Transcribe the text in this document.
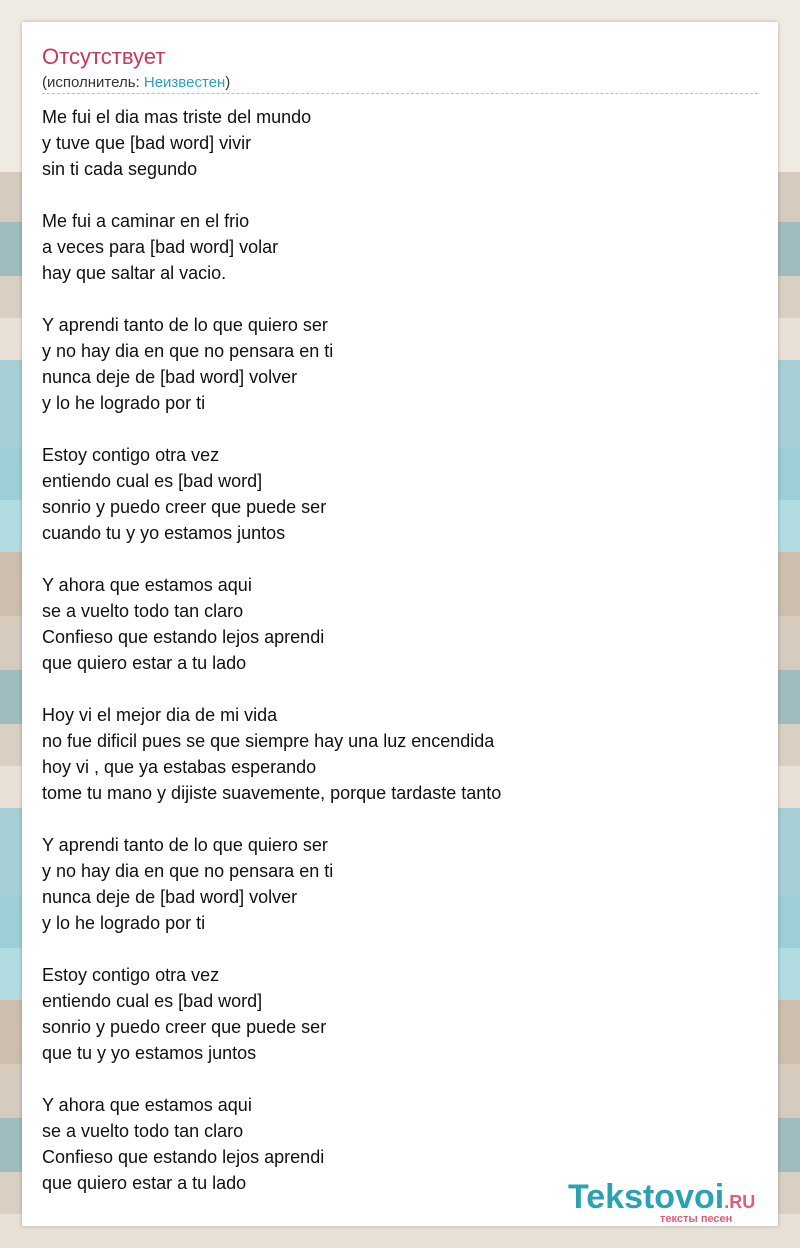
Отсутствует
(исполнитель: Неизвестен)
Me fui el dia mas triste del mundo
y tuve que [bad word] vivir
sin ti cada segundo
Me fui a caminar en el frio
a veces para [bad word] volar
hay que saltar al vacio.
Y aprendi tanto de lo que quiero ser
y no hay dia en que no pensara en ti
nunca deje de [bad word] volver
y lo he logrado por ti
Estoy contigo otra vez
entiendo cual es [bad word]
sonrio y puedo creer que puede ser
cuando tu y yo estamos juntos
Y ahora que estamos aqui
se a vuelto todo tan claro
Confieso que estando lejos aprendi
que quiero estar a tu lado
Hoy vi el mejor dia de mi vida
no fue dificil pues se que siempre hay una luz encendida
hoy vi , que ya estabas esperando
tome tu mano y dijiste suavemente, porque tardaste tanto
Y aprendi tanto de lo que quiero ser
y no hay dia en que no pensara en ti
nunca deje de [bad word] volver
y lo he logrado por ti
Estoy contigo otra vez
entiendo cual es [bad word]
sonrio y puedo creer que puede ser
que tu y yo estamos juntos
Y ahora que estamos aqui
se a vuelto todo tan claro
Confieso que estando lejos aprendi
que quiero estar a tu lado	Tekstovoi.RU
тексты песен
